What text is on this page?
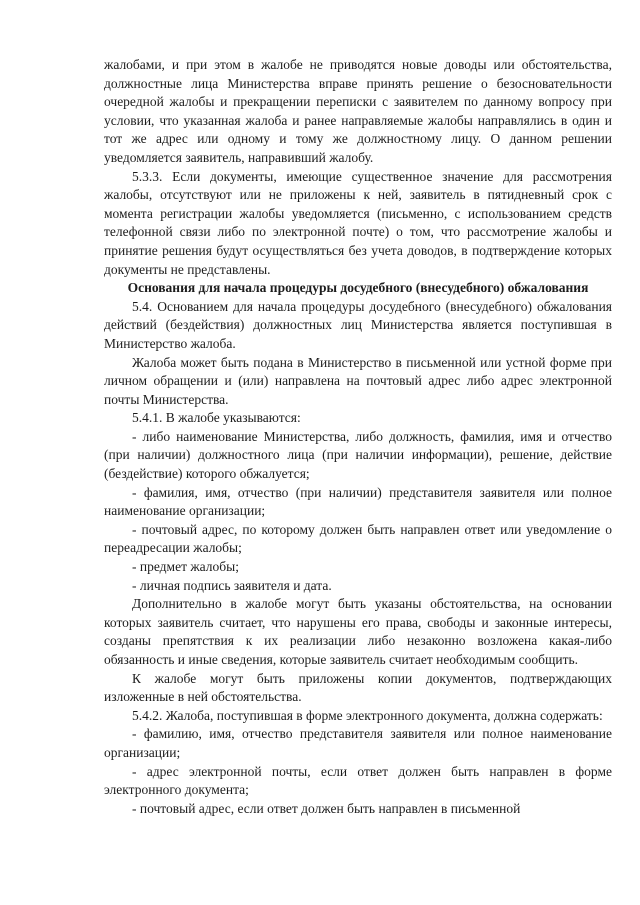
жалобами, и при этом в жалобе не приводятся новые доводы или обстоятельства, должностные лица Министерства вправе принять решение о безосновательности очередной жалобы и прекращении переписки с заявителем по данному вопросу при условии, что указанная жалоба и ранее направляемые жалобы направлялись в один и тот же адрес или одному и тому же должностному лицу. О данном решении уведомляется заявитель, направивший жалобу.

5.3.3. Если документы, имеющие существенное значение для рассмотрения жалобы, отсутствуют или не приложены к ней, заявитель в пятидневный срок с момента регистрации жалобы уведомляется (письменно, с использованием средств телефонной связи либо по электронной почте) о том, что рассмотрение жалобы и принятие решения будут осуществляться без учета доводов, в подтверждение которых документы не представлены.

Основания для начала процедуры досудебного (внесудебного) обжалования

5.4. Основанием для начала процедуры досудебного (внесудебного) обжалования действий (бездействия) должностных лиц Министерства является поступившая в Министерство жалоба.

Жалоба может быть подана в Министерство в письменной или устной форме при личном обращении и (или) направлена на почтовый адрес либо адрес электронной почты Министерства.

5.4.1. В жалобе указываются:

- либо наименование Министерства, либо должность, фамилия, имя и отчество (при наличии) должностного лица (при наличии информации), решение, действие (бездействие) которого обжалуется;

- фамилия, имя, отчество (при наличии) представителя заявителя или полное наименование организации;

- почтовый адрес, по которому должен быть направлен ответ или уведомление о переадресации жалобы;

- предмет жалобы;

- личная подпись заявителя и дата.

Дополнительно в жалобе могут быть указаны обстоятельства, на основании которых заявитель считает, что нарушены его права, свободы и законные интересы, созданы препятствия к их реализации либо незаконно возложена какая-либо обязанность и иные сведения, которые заявитель считает необходимым сообщить.

К жалобе могут быть приложены копии документов, подтверждающих изложенные в ней обстоятельства.

5.4.2. Жалоба, поступившая в форме электронного документа, должна содержать:

- фамилию, имя, отчество представителя заявителя или полное наименование организации;

- адрес электронной почты, если ответ должен быть направлен в форме электронного документа;

- почтовый адрес, если ответ должен быть направлен в письменной
